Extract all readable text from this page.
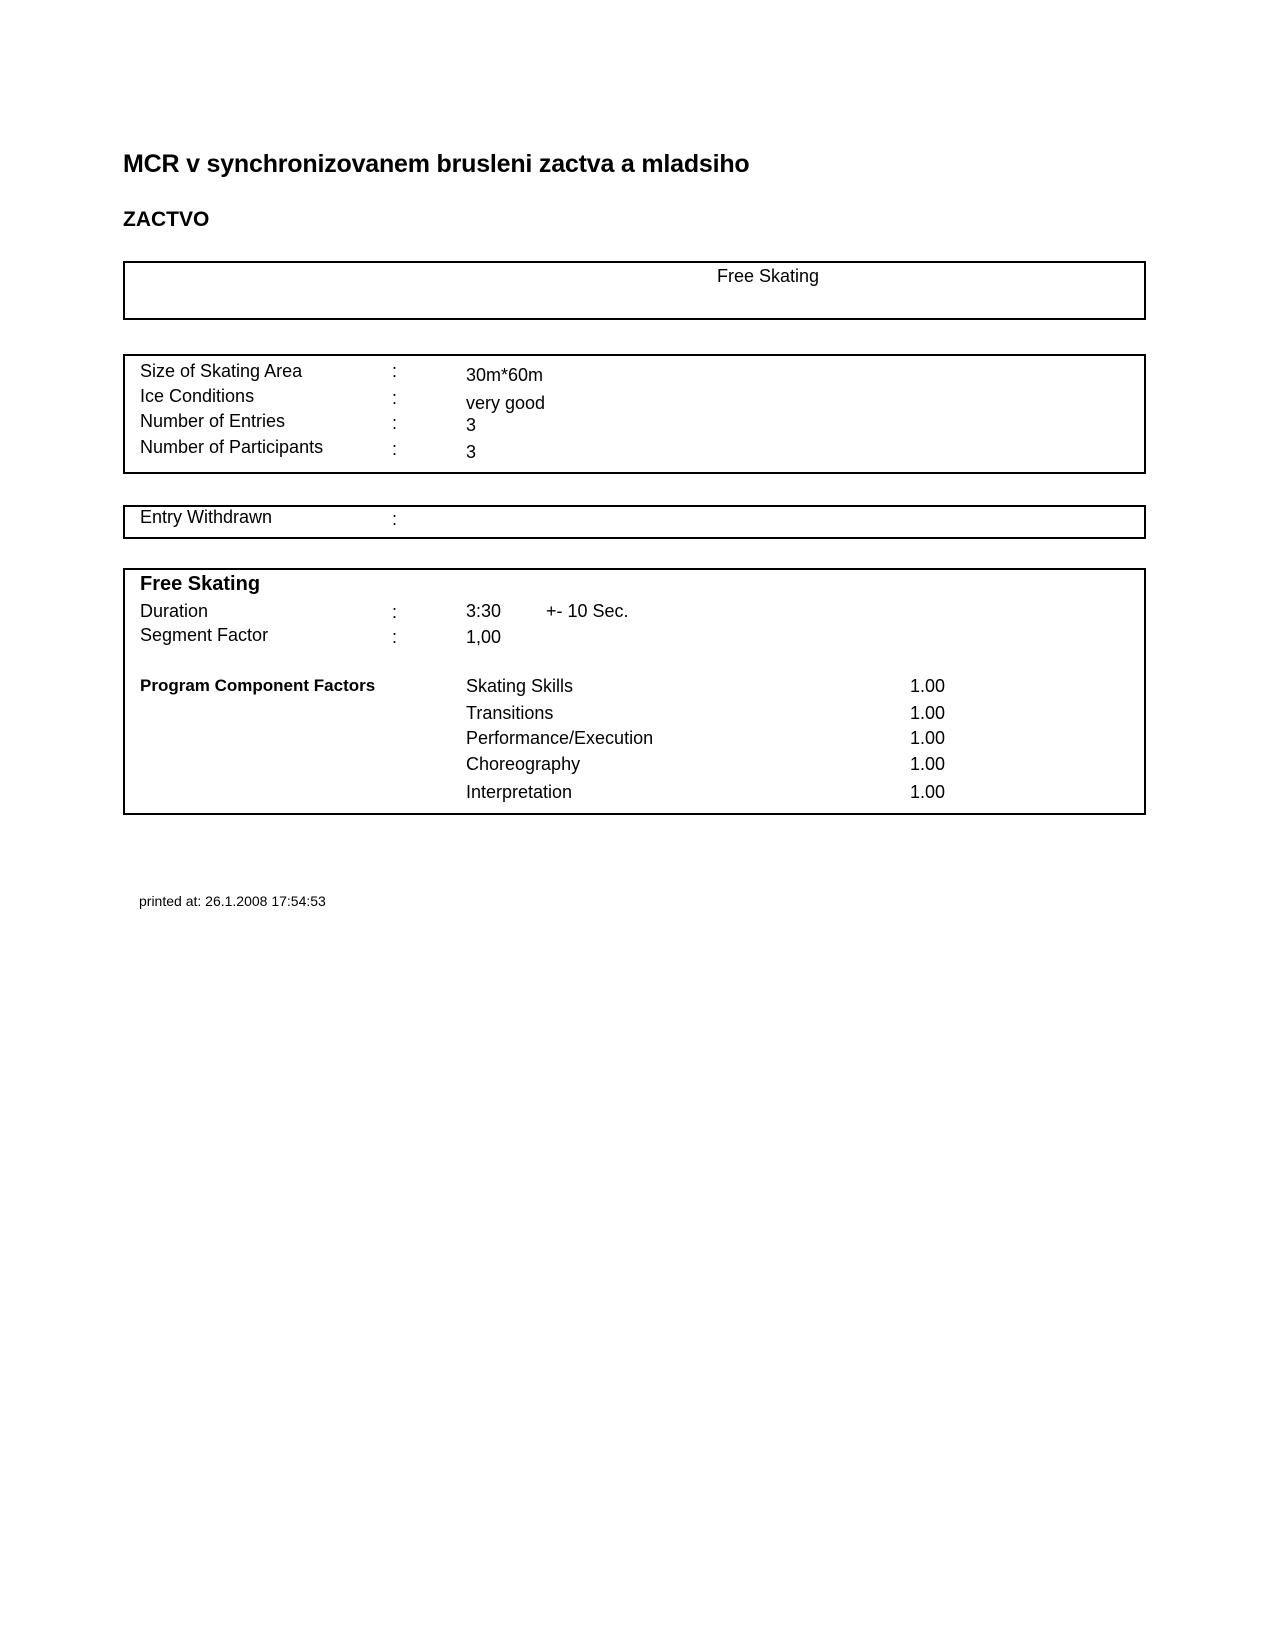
MCR v synchronizovanem brusleni zactva a mladsiho
ZACTVO
Free Skating
Size of Skating Area	:	30m*60m
Ice Conditions	:	very good
Number of Entries	:	3
Number of Participants	:	3
Entry Withdrawn	:
Free Skating
Duration	:	3:30 +- 10 Sec.
Segment Factor	:	1,00
Program Component Factors	Skating Skills	1.00
Transitions	1.00
Performance/Execution	1.00
Choreography	1.00
Interpretation	1.00
printed at: 26.1.2008 17:54:53
